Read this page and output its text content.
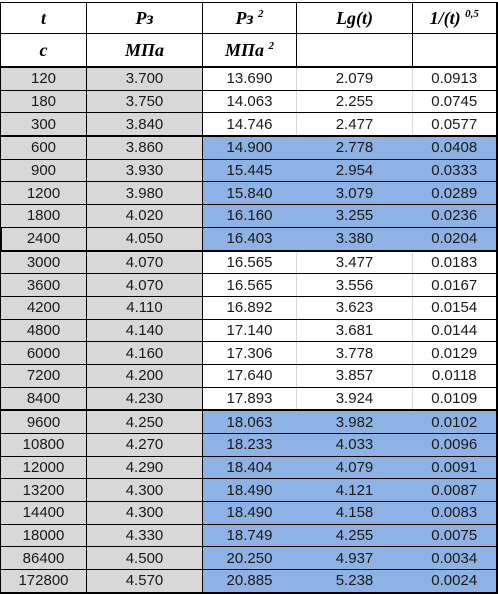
t	Pз	Pз $^2$	Lg(t)	1/(t) $^{0,5}$
c	МПа	МПа $^2$		
120	3.700	13.690	2.079	0.0913
180	3.750	14.063	2.255	0.0745
300	3.840	14.746	2.477	0.0577
600	3.860	14.900	2.778	0.0408
900	3.930	15.445	2.954	0.0333
1200	3.980	15.840	3.079	0.0289
1800	4.020	16.160	3.255	0.0236
2400	4.050	16.403	3.380	0.0204
3000	4.070	16.565	3.477	0.0183
3600	4.070	16.565	3.556	0.0167
4200	4.110	16.892	3.623	0.0154
4800	4.140	17.140	3.681	0.0144
6000	4.160	17.306	3.778	0.0129
7200	4.200	17.640	3.857	0.0118
8400	4.230	17.893	3.924	0.0109
9600	4.250	18.063	3.982	0.0102
10800	4.270	18.233	4.033	0.0096
12000	4.290	18.404	4.079	0.0091
13200	4.300	18.490	4.121	0.0087
14400	4.300	18.490	4.158	0.0083
18000	4.330	18.749	4.255	0.0075
86400	4.500	20.250	4.937	0.0034
172800	4.570	20.885	5.238	0.0024
